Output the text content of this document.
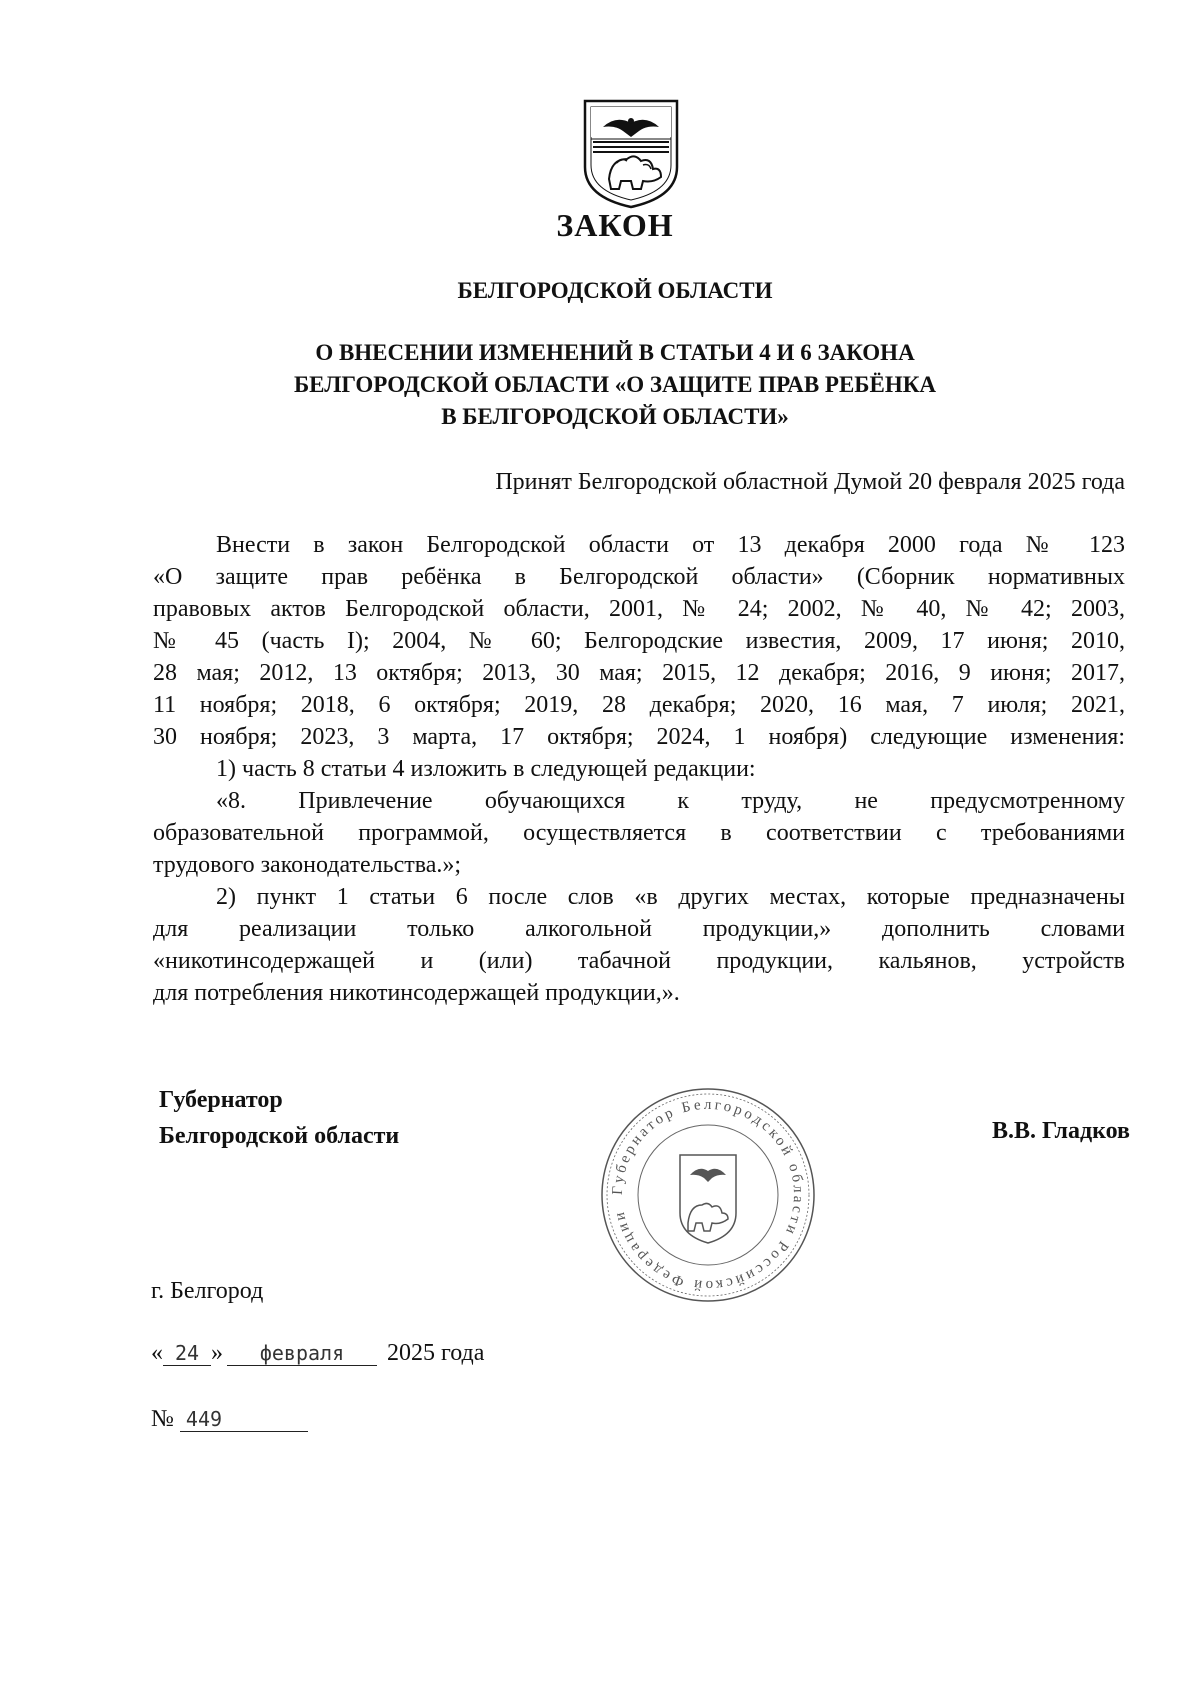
ЗАКОН
БЕЛГОРОДСКОЙ ОБЛАСТИ
О ВНЕСЕНИИ ИЗМЕНЕНИЙ В СТАТЬИ 4 И 6 ЗАКОНА
БЕЛГОРОДСКОЙ ОБЛАСТИ «О ЗАЩИТЕ ПРАВ РЕБЁНКА
В БЕЛГОРОДСКОЙ ОБЛАСТИ»
Принят Белгородской областной Думой 20 февраля 2025 года
Внести в закон Белгородской области от 13 декабря 2000 года № 123
«О защите прав ребёнка в Белгородской области» (Сборник нормативных
правовых актов Белгородской области, 2001, № 24; 2002, № 40, № 42; 2003,
№ 45 (часть I); 2004, № 60; Белгородские известия, 2009, 17 июня; 2010,
28 мая; 2012, 13 октября; 2013, 30 мая; 2015, 12 декабря; 2016, 9 июня; 2017,
11 ноября; 2018, 6 октября; 2019, 28 декабря; 2020, 16 мая, 7 июля; 2021,
30 ноября; 2023, 3 марта, 17 октября; 2024, 1 ноября) следующие изменения:
1) часть 8 статьи 4 изложить в следующей редакции:
«8. Привлечение обучающихся к труду, не предусмотренному
образовательной программой, осуществляется в соответствии с требованиями
трудового законодательства.»;
2) пункт 1 статьи 6 после слов «в других местах, которые предназначены
для реализации только алкогольной продукции,» дополнить словами
«никотинсодержащей и (или) табачной продукции, кальянов, устройств
для потребления никотинсодержащей продукции,».
Губернатор
Белгородской области
Губернатор Белгородской области Российской Федерации
В.В. Гладков
г. Белгород
« 24 » февраля 2025 года
№ 449
